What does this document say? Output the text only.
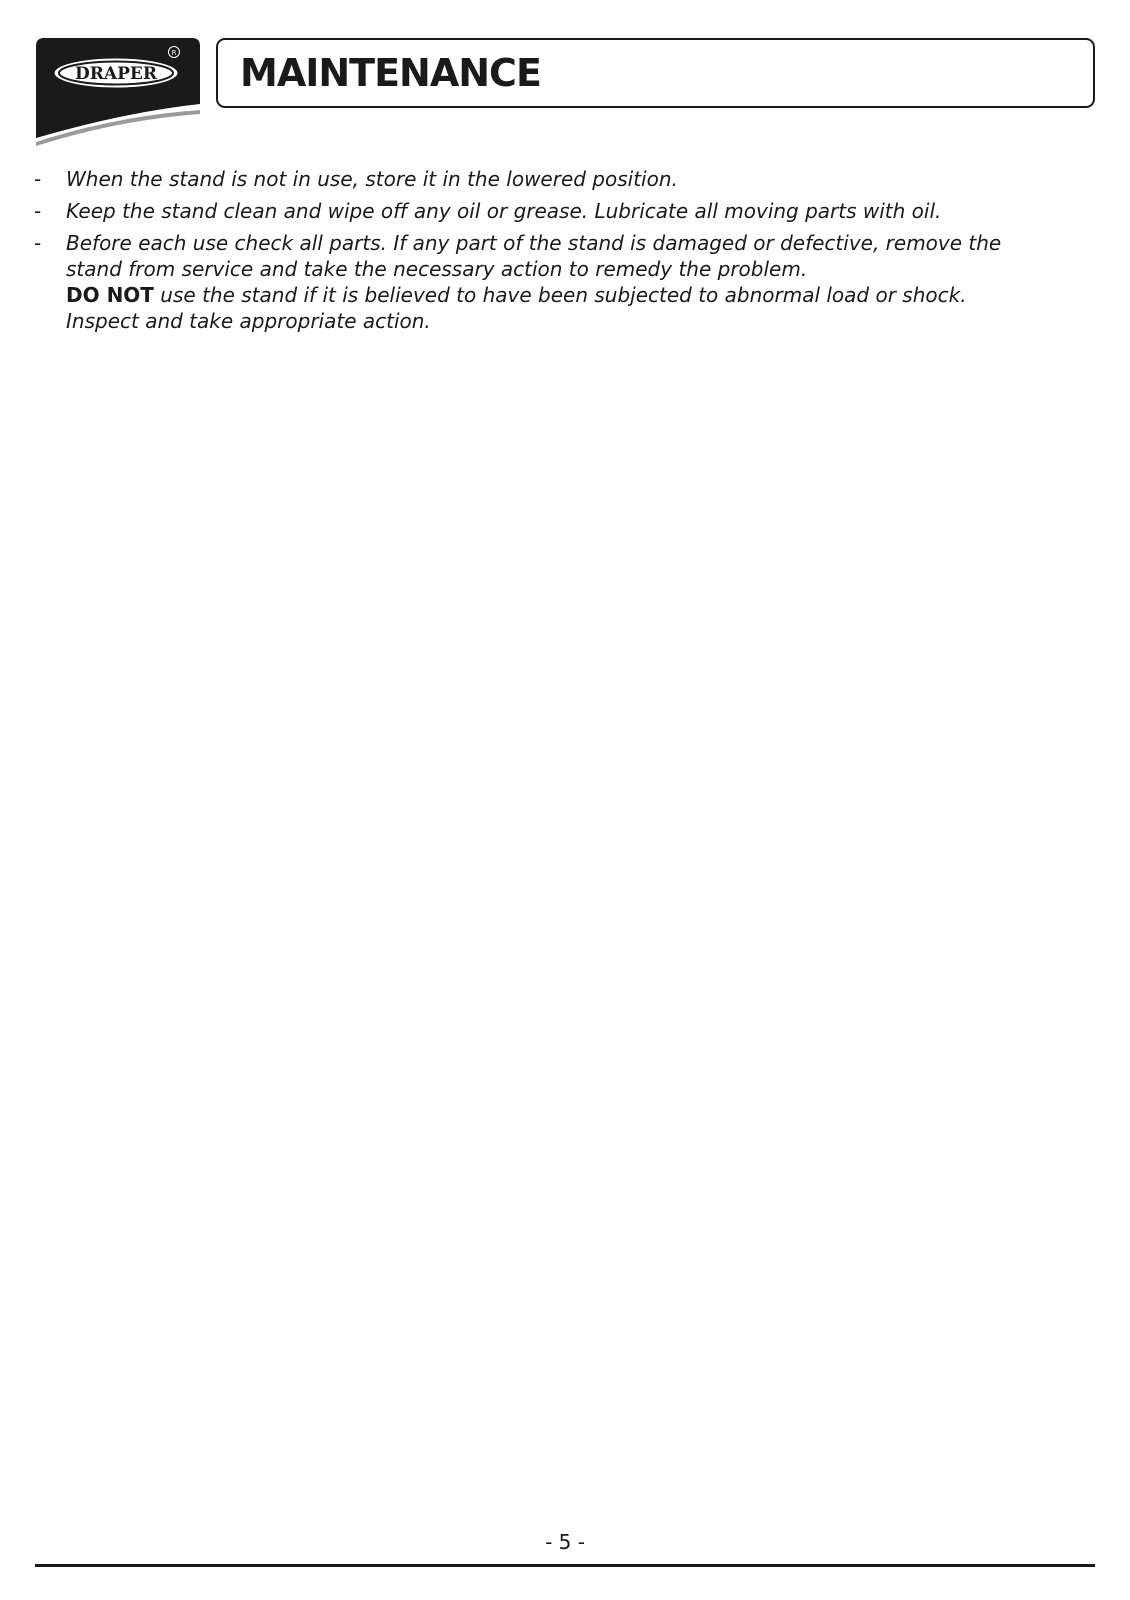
DRAPER
R MAINTENANCE
- When the stand is not in use, store it in the lowered position.
- Keep the stand clean and wipe off any oil or grease. Lubricate all moving parts with oil.
- Before each use check all parts. If any part of the stand is damaged or defective, remove the
stand from service and take the necessary action to remedy the problem.
DO NOT use the stand if it is believed to have been subjected to abnormal load or shock.
Inspect and take appropriate action.
- 5 -
